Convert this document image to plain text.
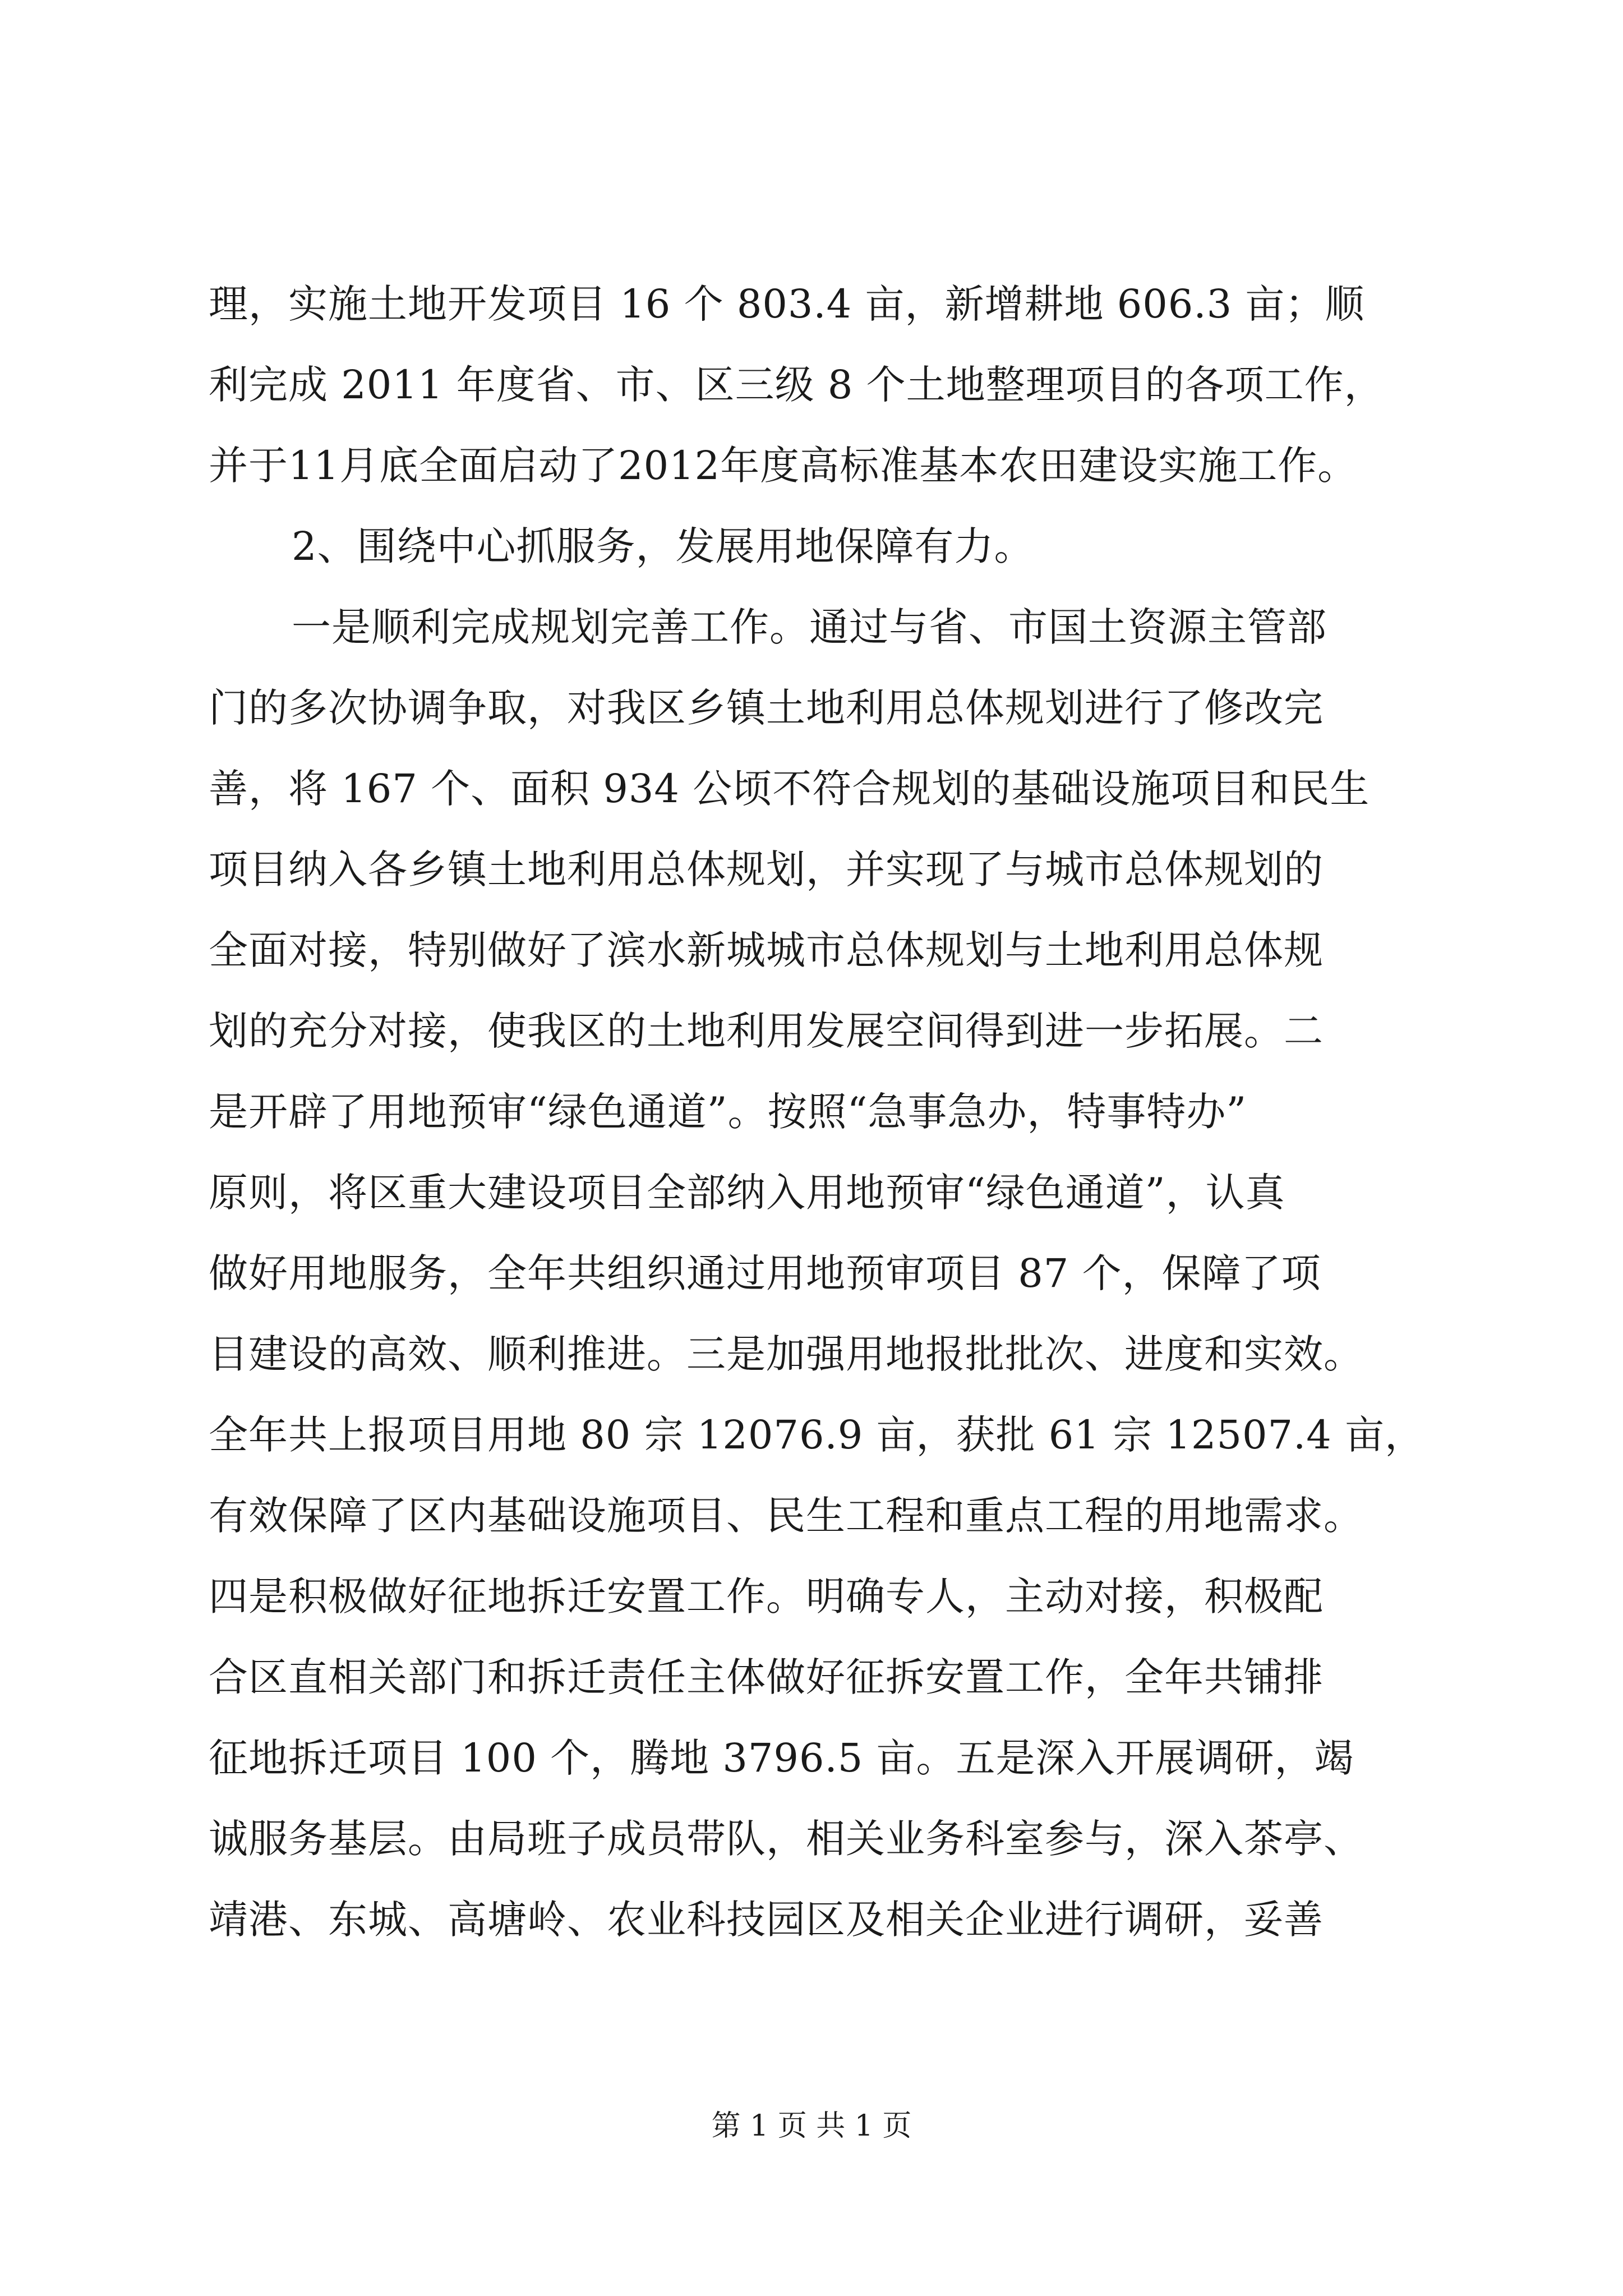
理，实施土地开发项目 16 个 803.4 亩，新增耕地 606.3 亩；顺
利完成 2011 年度省、市、区三级 8 个土地整理项目的各项工作，
并于11月底全面启动了2012年度高标准基本农田建设实施工作。
2、围绕中心抓服务，发展用地保障有力。
一是顺利完成规划完善工作。通过与省、市国土资源主管部
门的多次协调争取，对我区乡镇土地利用总体规划进行了修改完
善，将 167 个、面积 934 公顷不符合规划的基础设施项目和民生
项目纳入各乡镇土地利用总体规划，并实现了与城市总体规划的
全面对接，特别做好了滨水新城城市总体规划与土地利用总体规
划的充分对接，使我区的土地利用发展空间得到进一步拓展。二
是开辟了用地预审“绿色通道”。按照“急事急办，特事特办”
原则，将区重大建设项目全部纳入用地预审“绿色通道”，认真
做好用地服务，全年共组织通过用地预审项目 87 个，保障了项
目建设的高效、顺利推进。三是加强用地报批批次、进度和实效。
全年共上报项目用地 80 宗 12076.9 亩，获批 61 宗 12507.4 亩，
有效保障了区内基础设施项目、民生工程和重点工程的用地需求。
四是积极做好征地拆迁安置工作。明确专人，主动对接，积极配
合区直相关部门和拆迁责任主体做好征拆安置工作，全年共铺排
征地拆迁项目 100 个，腾地 3796.5 亩。五是深入开展调研，竭
诚服务基层。由局班子成员带队，相关业务科室参与，深入茶亭、
靖港、东城、高塘岭、农业科技园区及相关企业进行调研，妥善
第 1 页 共 1 页
